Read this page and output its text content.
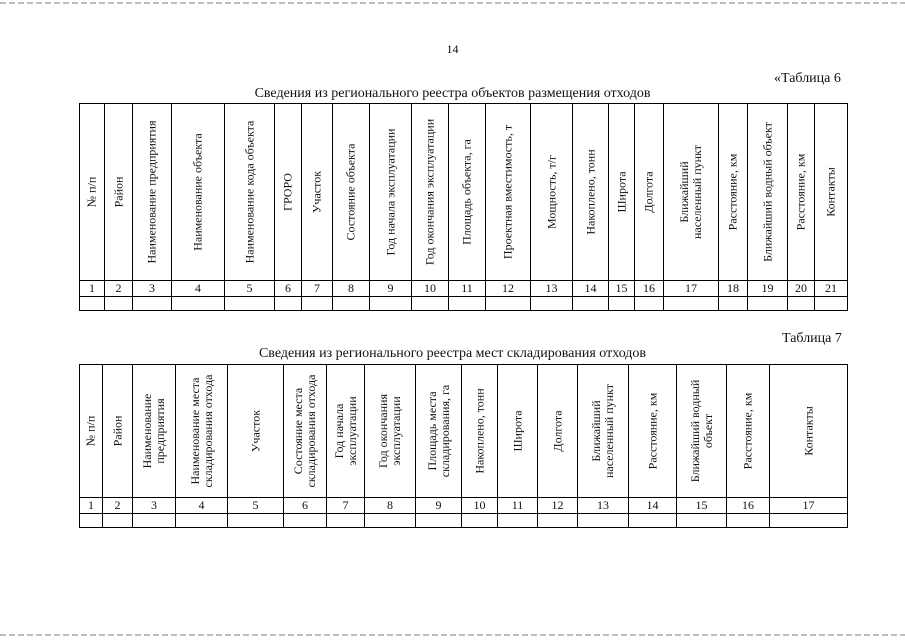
14
«Таблица 6
Сведения из регионального реестра объектов размещения отходов
№ п/п	Район	Наименование предприятия	Наименование объекта	Наименование кода объекта	ГРОРО	Участок	Состояние объекта	Год начала эксплуатации	Год окончания эксплуатации	Площадь объекта, га	Проектная вместимость, т	Мощность, т/г	Накоплено, тонн	Широта	Долгота	Ближайший населенный пункт	Расстояние, км	Ближайший водный объект	Расстояние, км	Контакты

1	2	3	4	5	6	7	8	9	10	11	12	13	14	15	16	17	18	19	20	21

Таблица 7
Сведения из регионального реестра мест складирования отходов
№ п/п	Район	Наименование предприятия	Наименование места складирования отхода	Участок	Состояние места складирования отхода	Год начала эксплуатации	Год окончания эксплуатации	Площадь места складирования, га	Накоплено, тонн	Широта	Долгота	Ближайший населенный пункт	Расстояние, км	Ближайший водный объект	Расстояние, км	Контакты

1	2	3	4	5	6	7	8	9	10	11	12	13	14	15	16	17
